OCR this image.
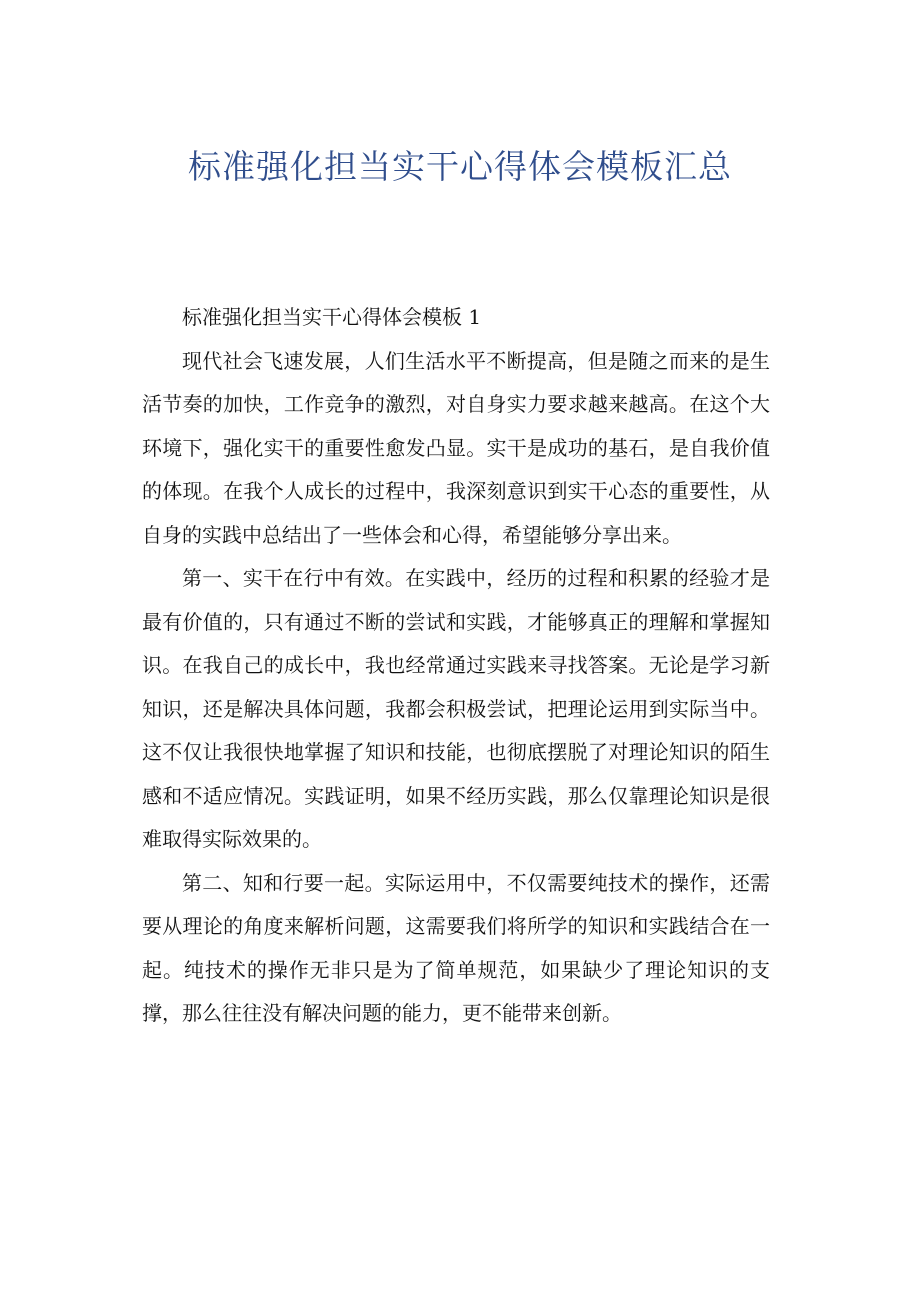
标准强化担当实干心得体会模板汇总

标准强化担当实干心得体会模板 1

现代社会飞速发展，人们生活水平不断提高，但是随之而来的是生活节奏的加快，工作竞争的激烈，对自身实力要求越来越高。在这个大环境下，强化实干的重要性愈发凸显。实干是成功的基石，是自我价值的体现。在我个人成长的过程中，我深刻意识到实干心态的重要性，从自身的实践中总结出了一些体会和心得，希望能够分享出来。

第一、实干在行中有效。在实践中，经历的过程和积累的经验才是最有价值的，只有通过不断的尝试和实践，才能够真正的理解和掌握知识。在我自己的成长中，我也经常通过实践来寻找答案。无论是学习新知识，还是解决具体问题，我都会积极尝试，把理论运用到实际当中。这不仅让我很快地掌握了知识和技能，也彻底摆脱了对理论知识的陌生感和不适应情况。实践证明，如果不经历实践，那么仅靠理论知识是很难取得实际效果的。

第二、知和行要一起。实际运用中，不仅需要纯技术的操作，还需要从理论的角度来解析问题，这需要我们将所学的知识和实践结合在一起。纯技术的操作无非只是为了简单规范，如果缺少了理论知识的支撑，那么往往没有解决问题的能力，更不能带来创新。
